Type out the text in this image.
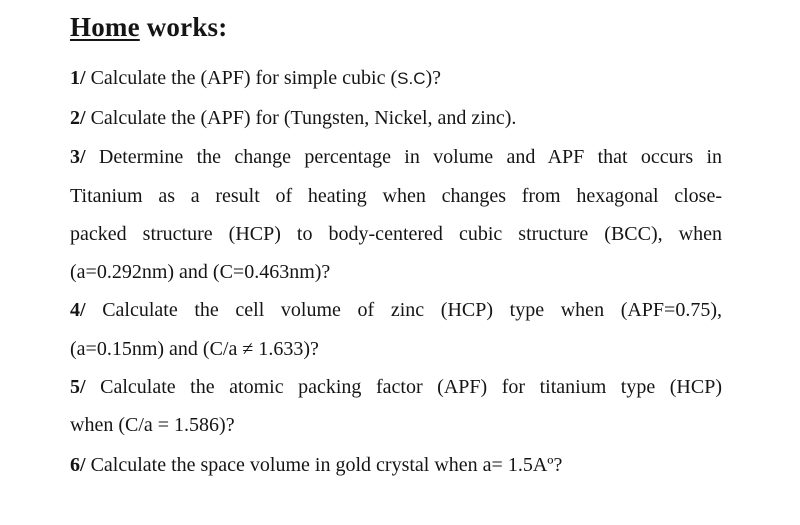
Home works:
1/ Calculate the (APF) for simple cubic (S.C)?
2/ Calculate the (APF) for (Tungsten, Nickel, and zinc).
3/ Determine the change percentage in volume and APF that occurs in
Titanium as a result of heating when changes from hexagonal close-
packed structure (HCP) to body-centered cubic structure (BCC), when
(a=0.292nm) and (C=0.463nm)?
4/ Calculate the cell volume of zinc (HCP) type when (APF=0.75),
(a=0.15nm) and (C/a ≠ 1.633)?
5/ Calculate the atomic packing factor (APF) for titanium type (HCP)
when (C/a = 1.586)?
6/ Calculate the space volume in gold crystal when a= 1.5Aº?
